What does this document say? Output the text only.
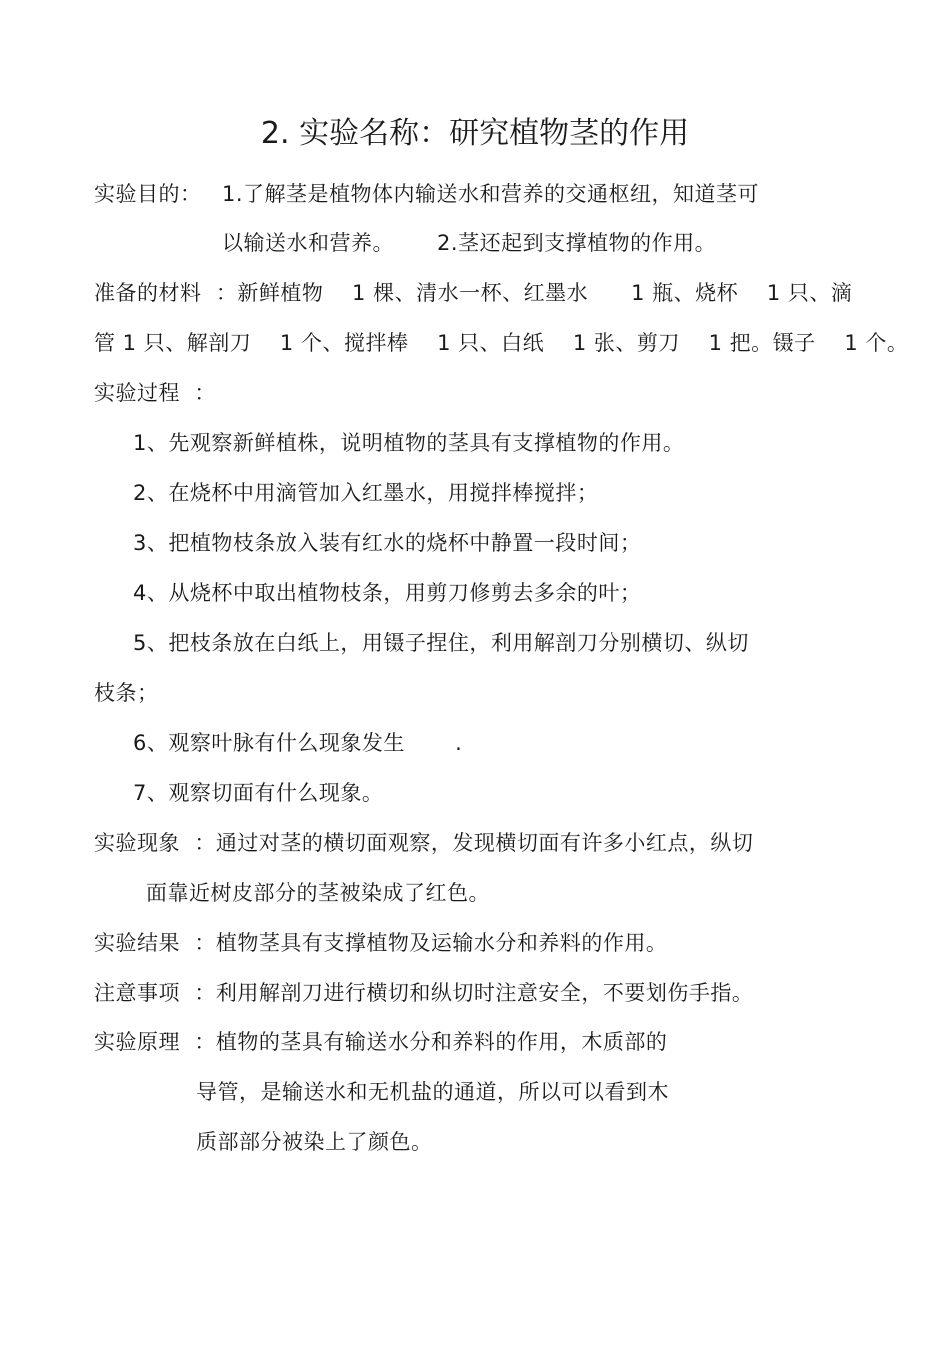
2. 实验名称：研究植物茎的作用
实验目的： 1.了解茎是植物体内输送水和营养的交通枢纽，知道茎可
以输送水和营养。      2.茎还起到支撑植物的作用。
准备的材料  ：新鲜植物    1 棵、清水一杯、红墨水      1 瓶、烧杯    1 只、滴
管 1 只、解剖刀    1 个、搅拌棒    1 只、白纸    1 张、剪刀    1 把。镊子    1 个。
实验过程  ：
1、先观察新鲜植株，说明植物的茎具有支撑植物的作用。
2、在烧杯中用滴管加入红墨水，用搅拌棒搅拌；
3、把植物枝条放入装有红水的烧杯中静置一段时间；
4、从烧杯中取出植物枝条，用剪刀修剪去多余的叶；
5、把枝条放在白纸上，用镊子捏住，利用解剖刀分别横切、纵切
枝条；
6、观察叶脉有什么现象发生       .
7、观察切面有什么现象。
实验现象  ：通过对茎的横切面观察，发现横切面有许多小红点，纵切
面靠近树皮部分的茎被染成了红色。
实验结果  ：植物茎具有支撑植物及运输水分和养料的作用。
注意事项  ：利用解剖刀进行横切和纵切时注意安全，不要划伤手指。
实验原理  ：植物的茎具有输送水分和养料的作用，木质部的
导管，是输送水和无机盐的通道，所以可以看到木
质部部分被染上了颜色。
